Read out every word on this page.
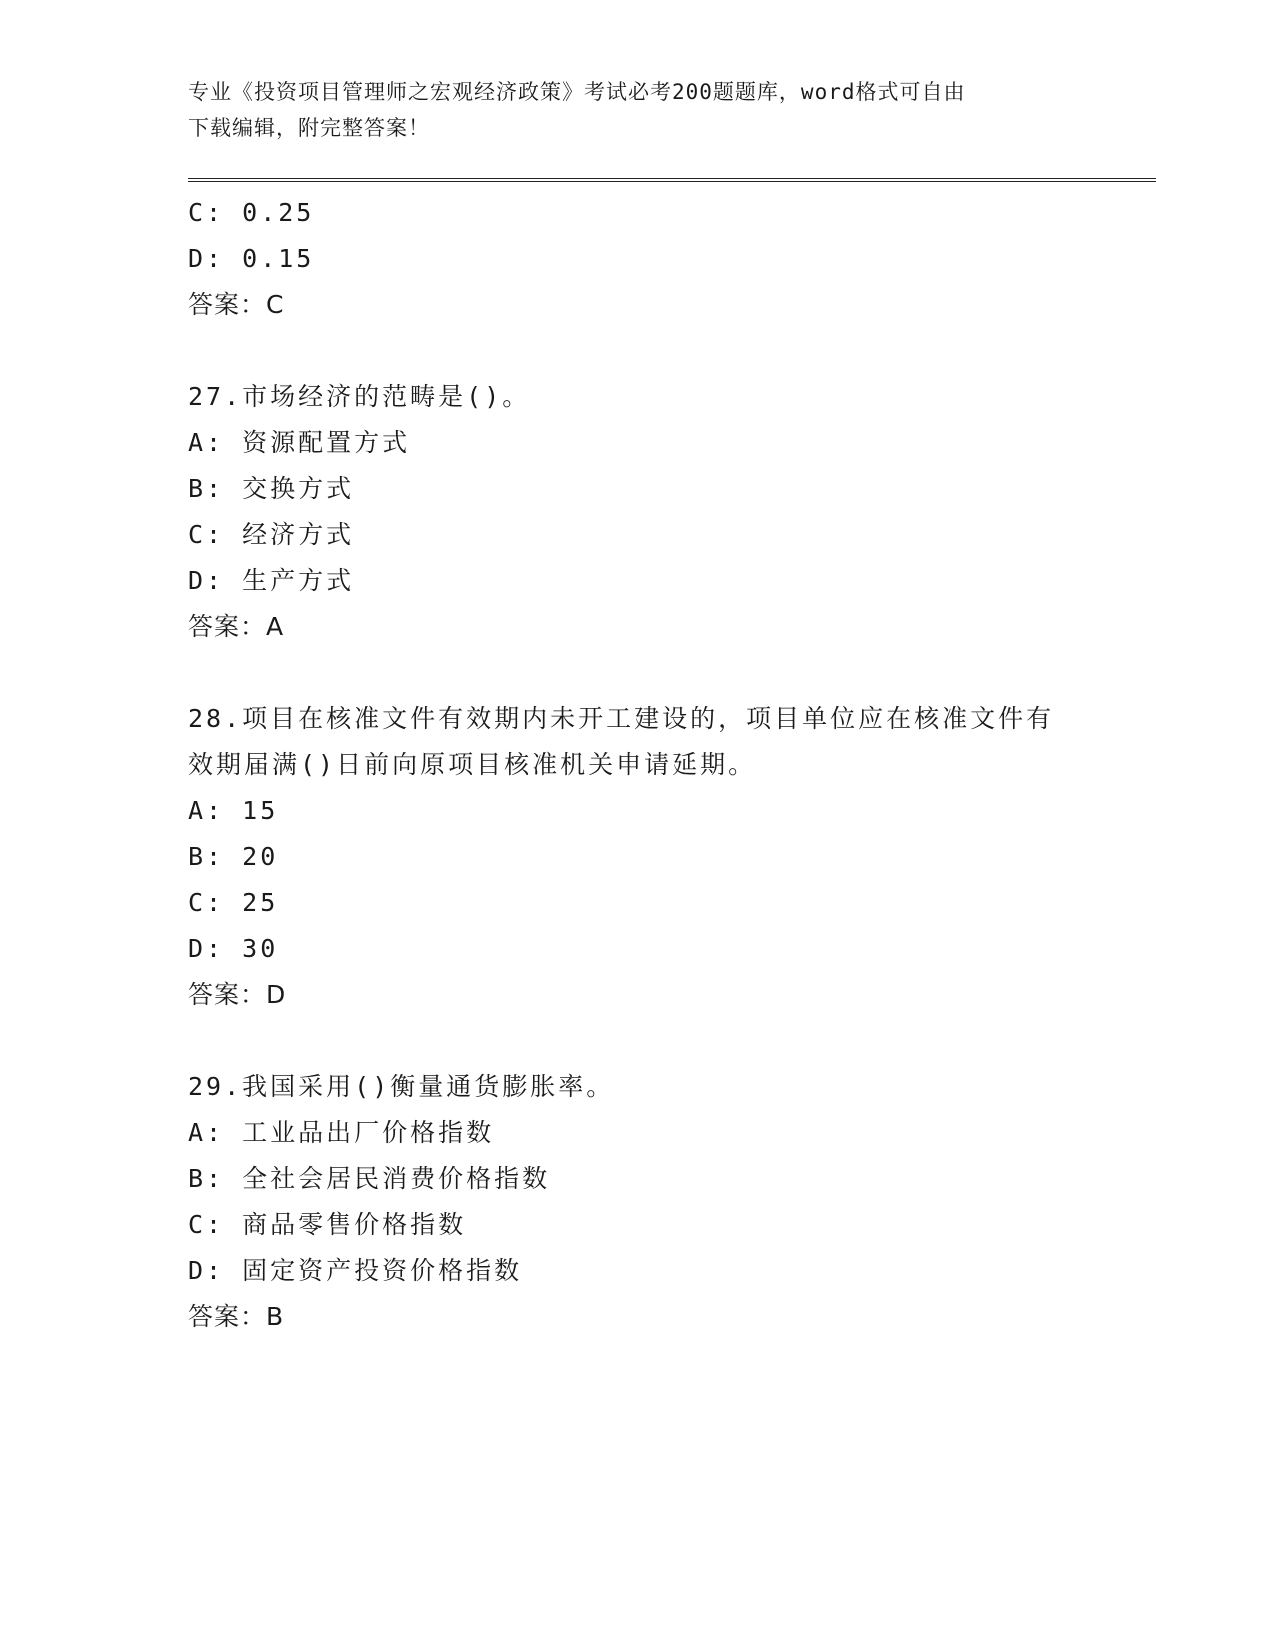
专业《投资项目管理师之宏观经济政策》考试必考200题题库，word格式可自由
下载编辑，附完整答案！
C: 0.25
D: 0.15
答案：C
27.市场经济的范畴是()。
A: 资源配置方式
B: 交换方式
C: 经济方式
D: 生产方式
答案：A
28.项目在核准文件有效期内未开工建设的，项目单位应在核准文件有
效期届满()日前向原项目核准机关申请延期。
A: 15
B: 20
C: 25
D: 30
答案：D
29.我国采用()衡量通货膨胀率。
A: 工业品出厂价格指数
B: 全社会居民消费价格指数
C: 商品零售价格指数
D: 固定资产投资价格指数
答案：B
